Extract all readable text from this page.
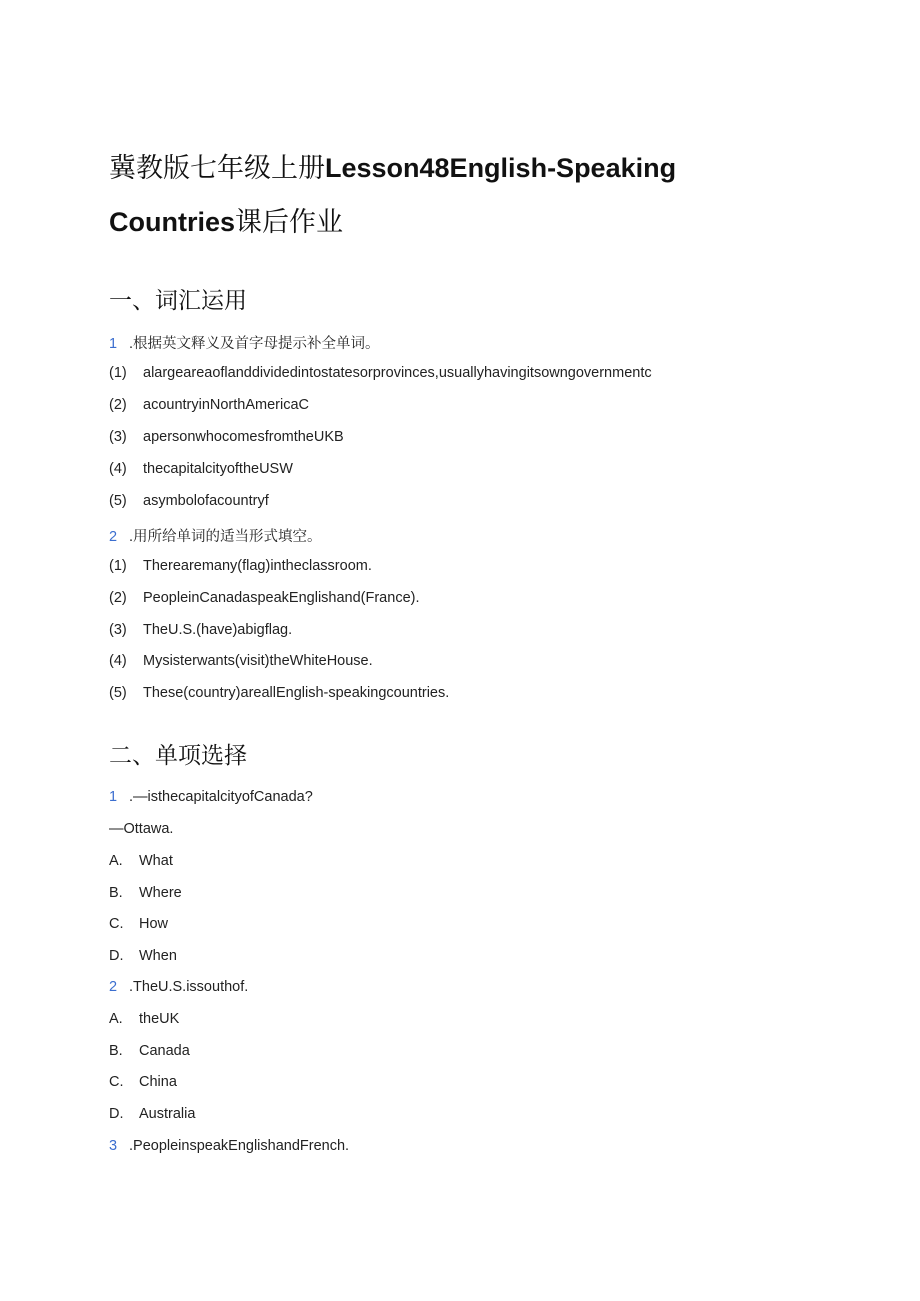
冀教版七年级上册Lesson48English-Speaking
Countries课后作业
一、词汇运用
1 .根据英文释义及首字母提示补全单词。
(1) alargeareaoflanddividedintostatesorprovinces,usuallyhavingitsowngovernmentc
(2) acountryinNorthAmericaC
(3) apersonwhocomesfromtheUKB
(4) thecapitalcityoftheUSW
(5) asymbolofacountryf
2 .用所给单词的适当形式填空。
(1) Therearemany(flag)intheclassroom.
(2) PeopleinCanadaspeakEnglishand(France).
(3) TheU.S.(have)abigflag.
(4) Mysisterwants(visit)theWhiteHouse.
(5) These(country)areallEnglish-speakingcountries.
二、单项选择
1 .—isthecapitalcityofCanada?
—Ottawa.
A. What
B. Where
C. How
D. When
2 .TheU.S.issouthof.
A. theUK
B. Canada
C. China
D. Australia
3 .PeopleinspeakEnglishandFrench.
